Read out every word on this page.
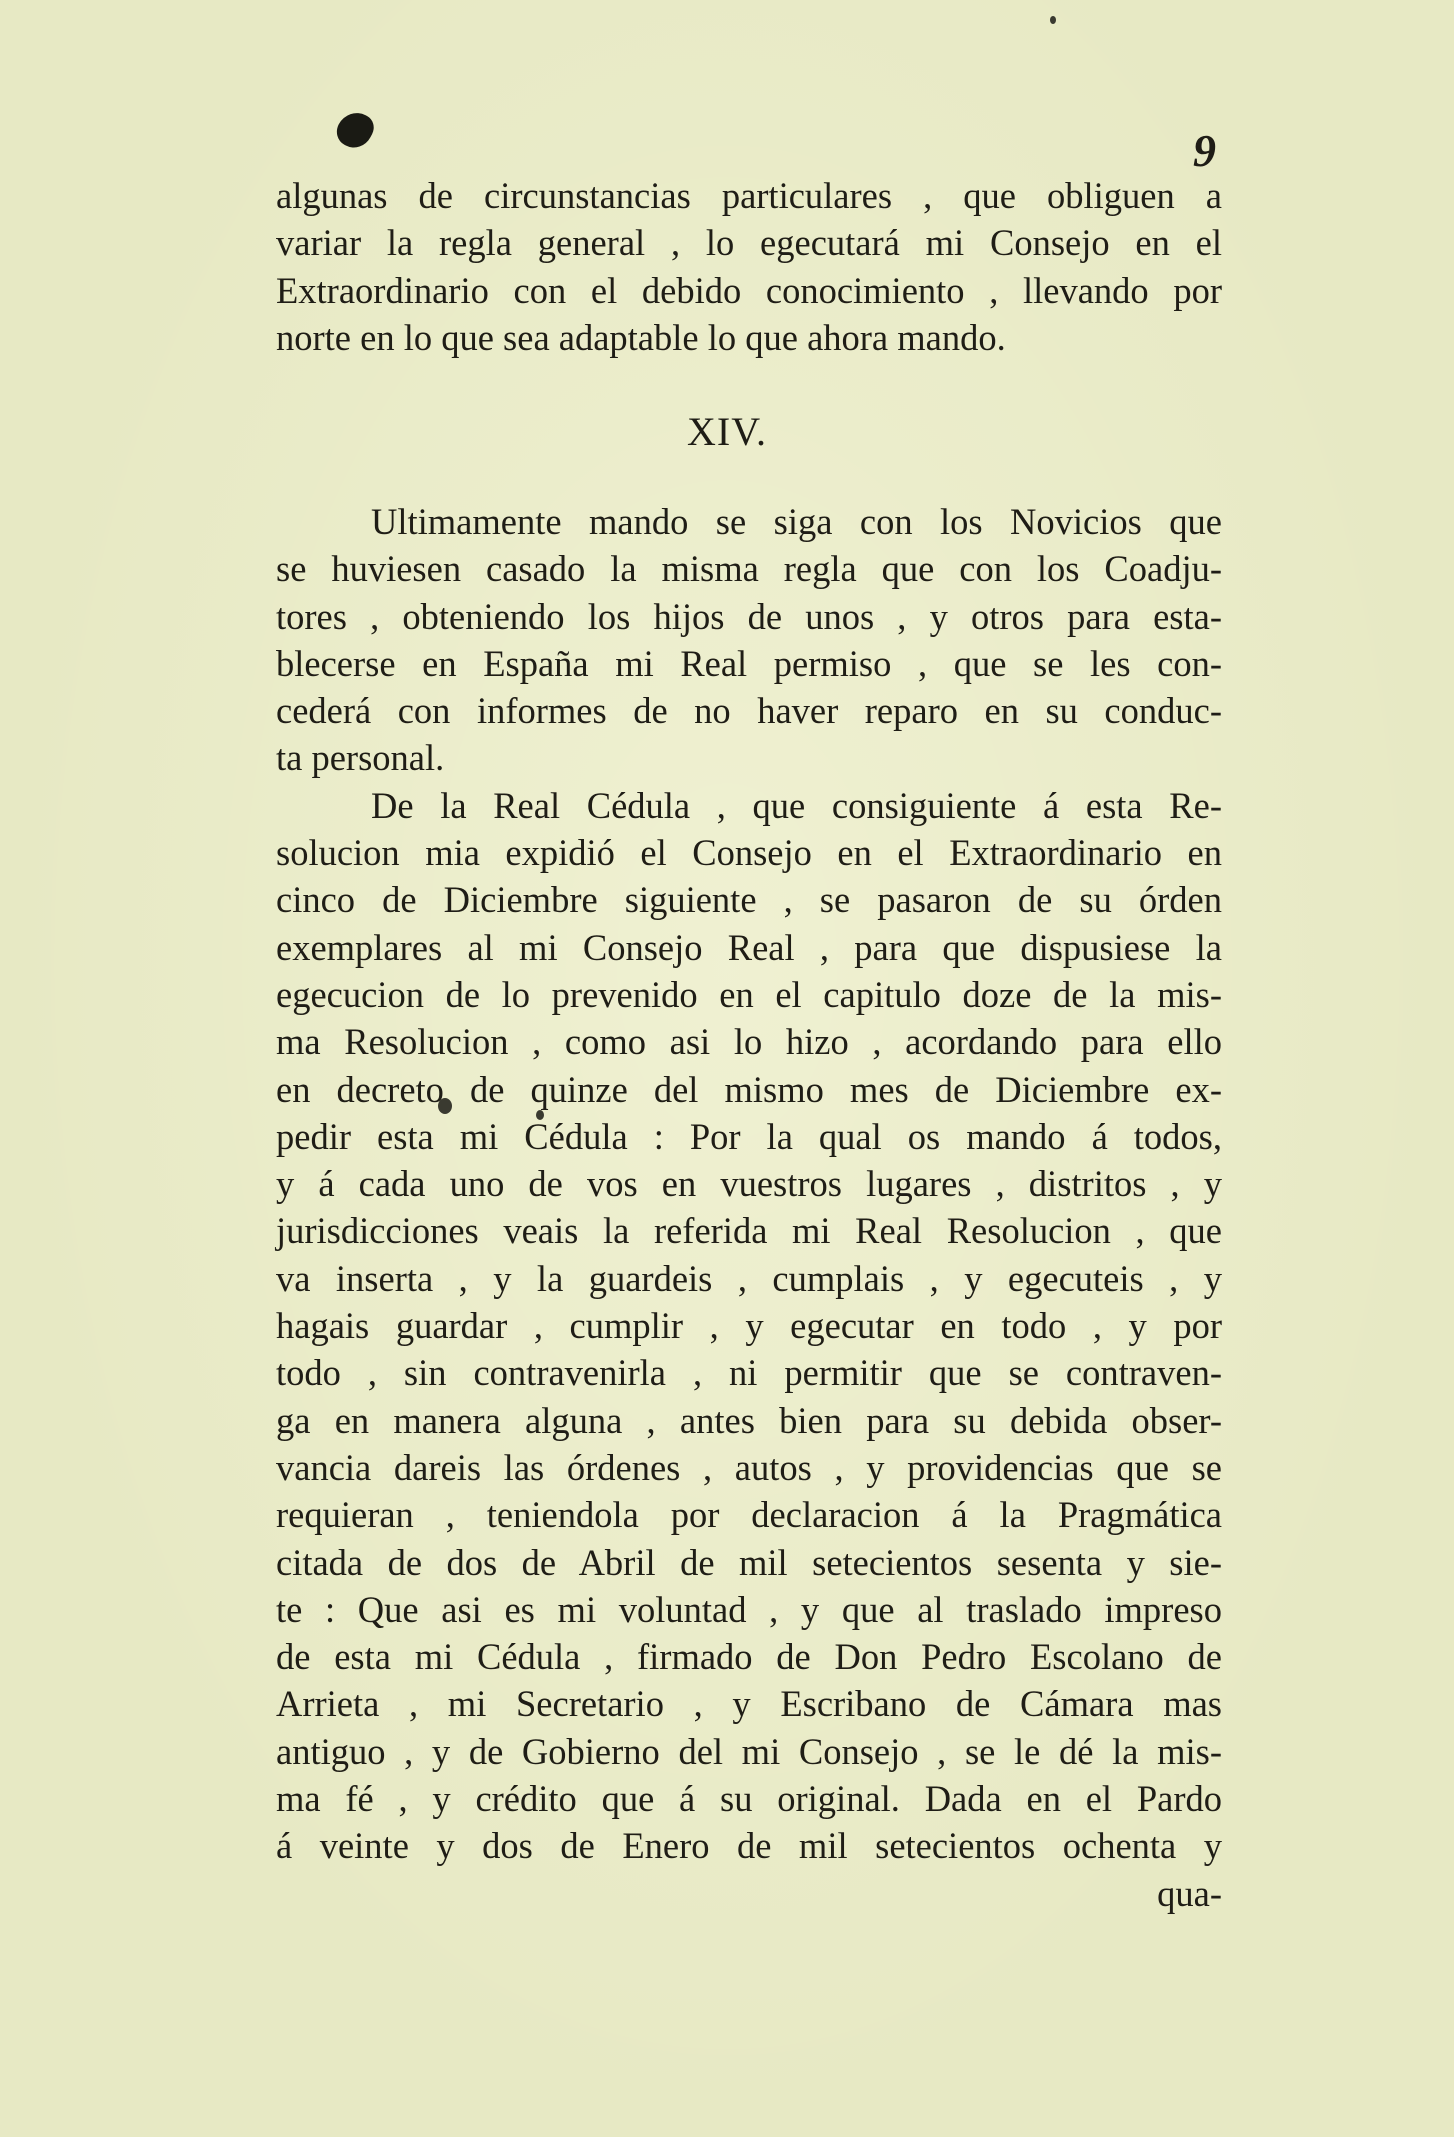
9
algunas de circunstancias particulares , que obliguen a
variar la regla general , lo egecutará mi Consejo en el
Extraordinario con el debido conocimiento , llevando por
norte en lo que sea adaptable lo que ahora mando.
XIV.
Ultimamente mando se siga con los Novicios que
se huviesen casado la misma regla que con los Coadju-
tores , obteniendo los hijos de unos , y otros para esta-
blecerse en España mi Real permiso , que se les con-
cederá con informes de no haver reparo en su conduc-
ta personal.
De la Real Cédula , que consiguiente á esta Re-
solucion mia expidió el Consejo en el Extraordinario en
cinco de Diciembre siguiente , se pasaron de su órden
exemplares al mi Consejo Real , para que dispusiese la
egecucion de lo prevenido en el capitulo doze de la mis-
ma Resolucion , como asi lo hizo , acordando para ello
en decreto de quinze del mismo mes de Diciembre ex-
pedir esta mi Cédula : Por la qual os mando á todos,
y á cada uno de vos en vuestros lugares , distritos , y
jurisdicciones veais la referida mi Real Resolucion , que
va inserta , y la guardeis , cumplais , y egecuteis , y
hagais guardar , cumplir , y egecutar en todo , y por
todo , sin contravenirla , ni permitir que se contraven-
ga en manera alguna , antes bien para su debida obser-
vancia dareis las órdenes , autos , y providencias que se
requieran , teniendola por declaracion á la Pragmática
citada de dos de Abril de mil setecientos sesenta y sie-
te : Que asi es mi voluntad , y que al traslado impreso
de esta mi Cédula , firmado de Don Pedro Escolano de
Arrieta , mi Secretario , y Escribano de Cámara mas
antiguo , y de Gobierno del mi Consejo , se le dé la mis-
ma fé , y crédito que á su original. Dada en el Pardo
á veinte y dos de Enero de mil setecientos ochenta y
qua-
